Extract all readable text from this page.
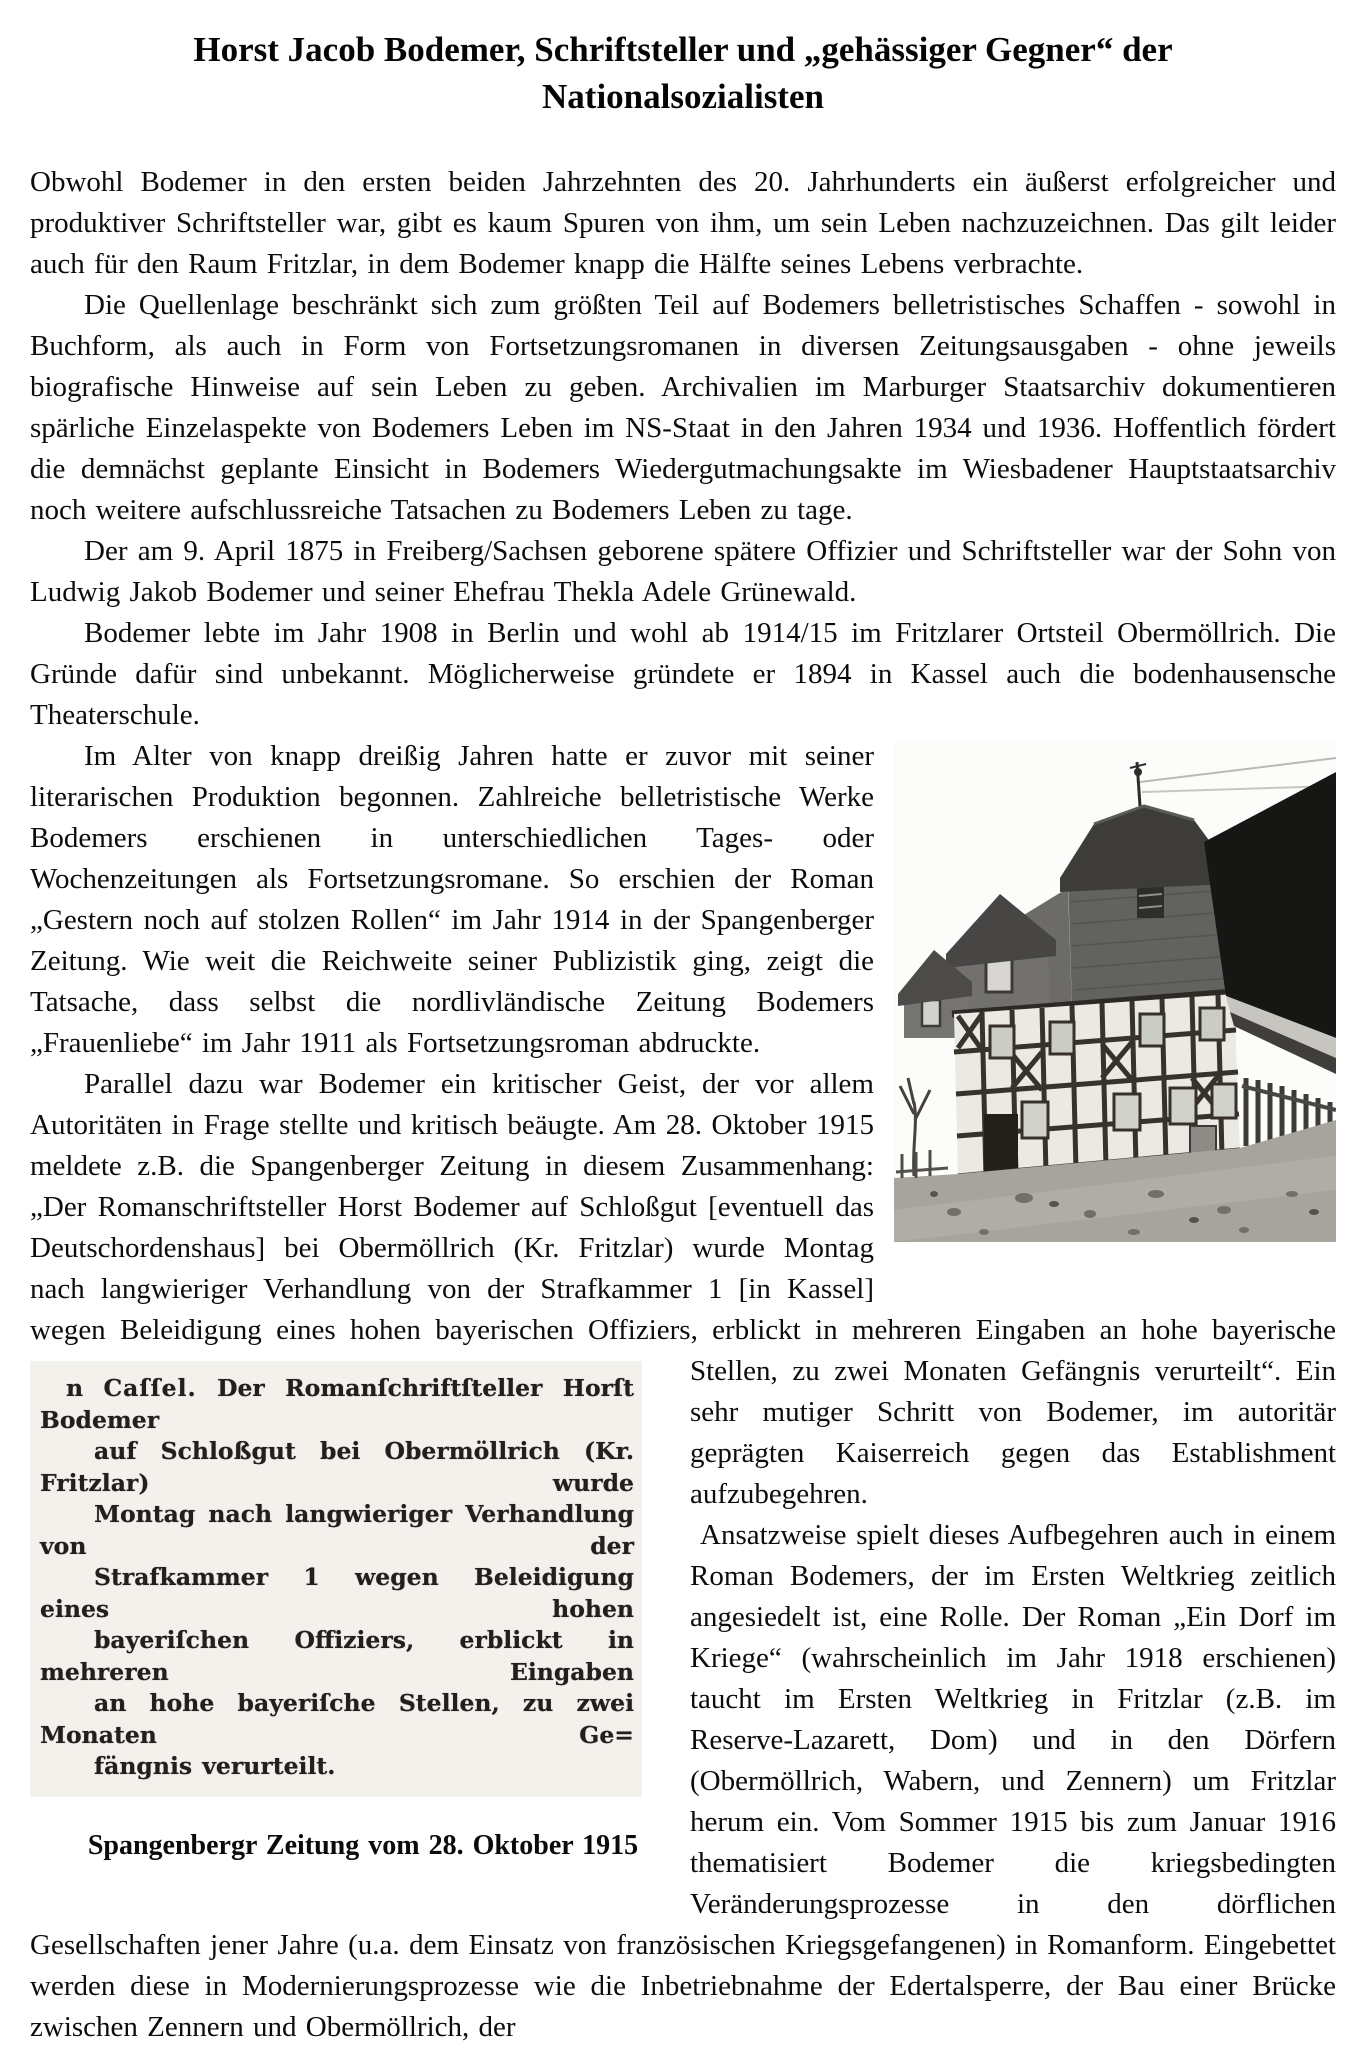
Horst Jacob Bodemer, Schriftsteller und „gehässiger Gegner“ der
Nationalsozialisten
Obwohl Bodemer in den ersten beiden Jahrzehnten des 20. Jahrhunderts ein äußerst erfolgreicher und produktiver Schriftsteller war, gibt es kaum Spuren von ihm, um sein Leben nachzuzeichnen. Das gilt leider auch für den Raum Fritzlar, in dem Bodemer knapp die Hälfte seines Lebens verbrachte.
Die Quellenlage beschränkt sich zum größten Teil auf Bodemers belletristisches Schaffen - sowohl in Buchform, als auch in Form von Fortsetzungsromanen in diversen Zeitungsausgaben - ohne jeweils biografische Hinweise auf sein Leben zu geben. Archivalien im Marburger Staatsarchiv dokumentieren spärliche Einzelaspekte von Bodemers Leben im NS-Staat in den Jahren 1934 und 1936. Hoffentlich fördert die demnächst geplante Einsicht in Bodemers Wiedergutmachungsakte im Wiesbadener Hauptstaatsarchiv noch weitere aufschlussreiche Tatsachen zu Bodemers Leben zu tage.
Der am 9. April 1875 in Freiberg/Sachsen geborene spätere Offizier und Schriftsteller war der Sohn von Ludwig Jakob Bodemer und seiner Ehefrau Thekla Adele Grünewald.
Bodemer lebte im Jahr 1908 in Berlin und wohl ab 1914/15 im Fritzlarer Ortsteil Obermöllrich. Die Gründe dafür sind unbekannt. Möglicherweise gründete er 1894 in Kassel auch die bodenhausensche Theaterschule.
Im Alter von knapp dreißig Jahren hatte er zuvor mit seiner literarischen Produktion begonnen. Zahlreiche belletristische Werke Bodemers erschienen in unterschiedlichen Tages- oder Wochenzeitungen als Fortsetzungsromane. So erschien der Roman „Gestern noch auf stolzen Rollen“ im Jahr 1914 in der Spangenberger Zeitung. Wie weit die Reichweite seiner Publizistik ging, zeigt die Tatsache, dass selbst die nordlivländische Zeitung Bodemers „Frauenliebe“ im Jahr 1911 als Fortsetzungsroman abdruckte.
Parallel dazu war Bodemer ein kritischer Geist, der vor allem Autoritäten in Frage stellte und kritisch beäugte. Am 28. Oktober 1915 meldete z.B. die Spangenberger Zeitung in diesem Zusammenhang: „Der Romanschriftsteller Horst Bodemer auf Schloßgut [eventuell das Deutschordenshaus] bei Obermöllrich (Kr. Fritzlar) wurde Montag nach langwieriger Verhandlung von der Strafkammer 1 [in Kassel] wegen Beleidigung eines hohen bayerischen Offiziers, erblickt in
n Caſſel. Der Romanſchriftſteller Horſt Bodemer
auf Schloßgut bei Obermöllrich (Kr. Fritzlar) wurde
Montag nach langwieriger Verhandlung von der
Strafkammer 1 wegen Beleidigung eines hohen
bayeriſchen Offiziers, erblickt in mehreren Eingaben
an hohe bayeriſche Stellen, zu zwei Monaten Ge=
fängnis verurteilt.
Spangenbergr Zeitung vom 28. Oktober 1915
mehreren Eingaben an hohe bayerische Stellen, zu zwei Monaten Gefängnis verurteilt“. Ein sehr mutiger Schritt von Bodemer, im autoritär geprägten Kaiserreich gegen das Establishment aufzubegehren.
Ansatzweise spielt dieses Aufbegehren auch in einem Roman Bodemers, der im Ersten Weltkrieg zeitlich angesiedelt ist, eine Rolle. Der Roman „Ein Dorf im Kriege“ (wahrscheinlich im Jahr 1918 erschienen) taucht im Ersten Weltkrieg in Fritzlar (z.B. im Reserve-Lazarett, Dom) und in den Dörfern (Obermöllrich, Wabern, und Zennern) um Fritzlar herum ein. Vom Sommer 1915 bis zum Januar 1916 thematisiert Bodemer die kriegsbedingten Veränderungsprozesse in den dörflichen Gesellschaften jener Jahre (u.a. dem Einsatz von französischen Kriegsgefangenen) in Romanform. Eingebettet werden diese in Modernierungsprozesse wie die Inbetriebnahme der Edertalsperre, der Bau einer Brücke zwischen Zennern und Obermöllrich, der
